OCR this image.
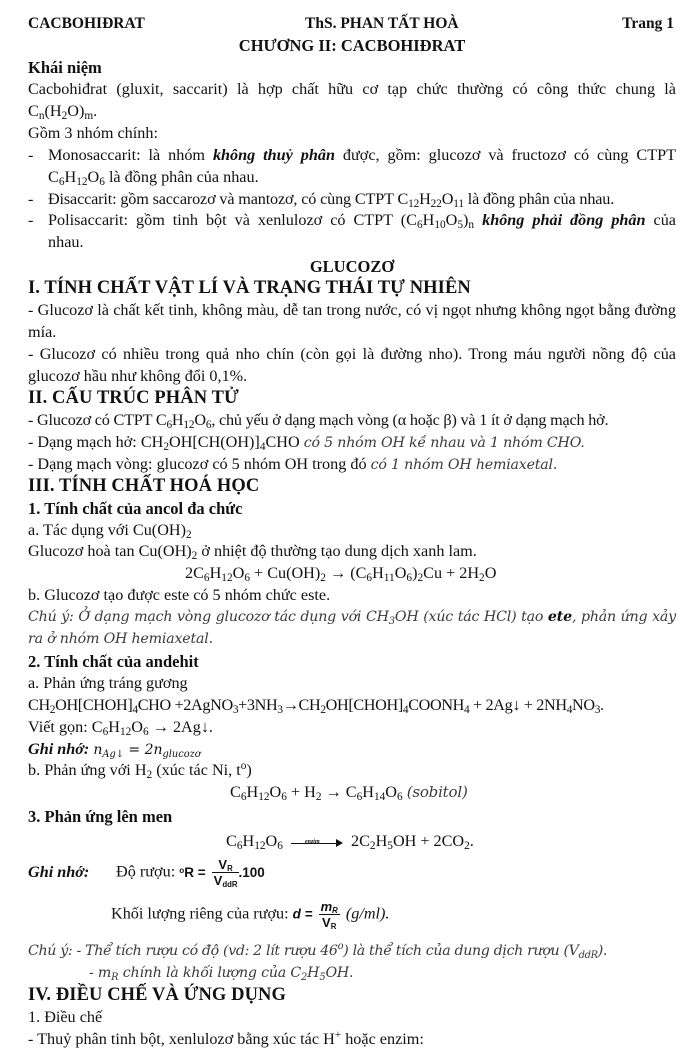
CACBOHIĐRAT	ThS. PHAN TẤT HOÀ	Trang 1
CHƯƠNG II: CACBOHIĐRAT
Khái niệm
Cacbohiđrat (gluxit, saccarit) là hợp chất hữu cơ tạp chức thường có công thức chung là
$C_n(H_2O)_m$.
Gồm 3 nhóm chính:
- Monosaccarit: là nhóm không thuỷ phân được, gồm: glucozơ và fructozơ có cùng CTPT
$C_6H_{12}O_6$ là đồng phân của nhau.
- Đisaccarit: gồm saccarozơ và mantozơ, có cùng CTPT $C_{12}H_{22}O_{11}$ là đồng phân của nhau.
- Polisaccarit: gồm tinh bột và xenlulozơ có CTPT $(C_6H_{10}O_5)_n$ không phải đồng phân của
nhau.
GLUCOZƠ
I. TÍNH CHẤT VẬT LÍ VÀ TRẠNG THÁI TỰ NHIÊN
- Glucozơ là chất kết tinh, không màu, dễ tan trong nước, có vị ngọt nhưng không ngọt bằng đường mía.
- Glucozơ có nhiều trong quả nho chín (còn gọi là đường nho). Trong máu người nồng độ của glucozơ hầu như không đổi 0,1%.
II. CẤU TRÚC PHÂN TỬ
- Glucozơ có CTPT $C_6H_{12}O_6$, chủ yếu ở dạng mạch vòng (α hoặc β) và 1 ít ở dạng mạch hở.
- Dạng mạch hở: $CH_2OH[CH(OH)]_4CHO$ có 5 nhóm OH kề nhau và 1 nhóm CHO.
- Dạng mạch vòng: glucozơ có 5 nhóm OH trong đó có 1 nhóm OH hemiaxetal.
III. TÍNH CHẤT HOÁ HỌC
1. Tính chất của ancol đa chức
a. Tác dụng với $Cu(OH)_2$
Glucozơ hoà $\tan Cu(OH)_2$ ở nhiệt độ thường tạo dung dịch xanh lam.
$2C_6H_{12}O_6 + Cu(OH)_2 \to (C_6H_{11}O_6)_2Cu + 2H_2O$
b. Glucozơ tạo được este có 5 nhóm chức este.
Chú ý: Ở dạng mạch vòng glucozơ tác dụng với $CH_3OH$ (xúc tác HCl) tạo ete, phản ứng xảy ra ở nhóm OH hemiaxetal.
2. Tính chất của andehit
a. Phản ứng tráng gương
$CH_2OH[CHOH]_4CHO$ $+2AgNO_3+3NH_3\to CH_2OH[CHOH]_4COONH_4$ + 2Ag↓ + $2NH_4NO_3$.
Viết gọn: $C_6H_{12}O_6$ → 2Ag↓.
Ghi nhớ: $n_{Ag↓} = 2n_{glucozơ}$
b. Phản ứng với $H_2$ (xúc tác Ni, $t^o$)
$C_6H_{12}O_6 + H_2 \to C_6H_{14}O_6$ (sobitol)
3. Phản ứng lên men
$C_6H_{12}O_6$	enzim $2C_2H_5OH + 2CO_2$.
Ghi nhớ: Độ rượu: $^oR = \frac{V_R}{V_{ddR}} .100$
Khối lượng riêng của rượu: $d = \frac{m_R}{V_R} (g/ml)$.
Chú ý: - Thể tích rượu có độ (vd: 2 lít rượu 46$^o$) là thể tích của dung dịch rượu $(V_{ddR})$.
- $m_R$ chính là khối lượng của $C_2H_5OH$.
IV. ĐIỀU CHẾ VÀ ỨNG DỤNG
1. Điều chế
- Thuỷ phân tinh bột, xenlulozơ bằng xúc tác H+ hoặc enzim:
